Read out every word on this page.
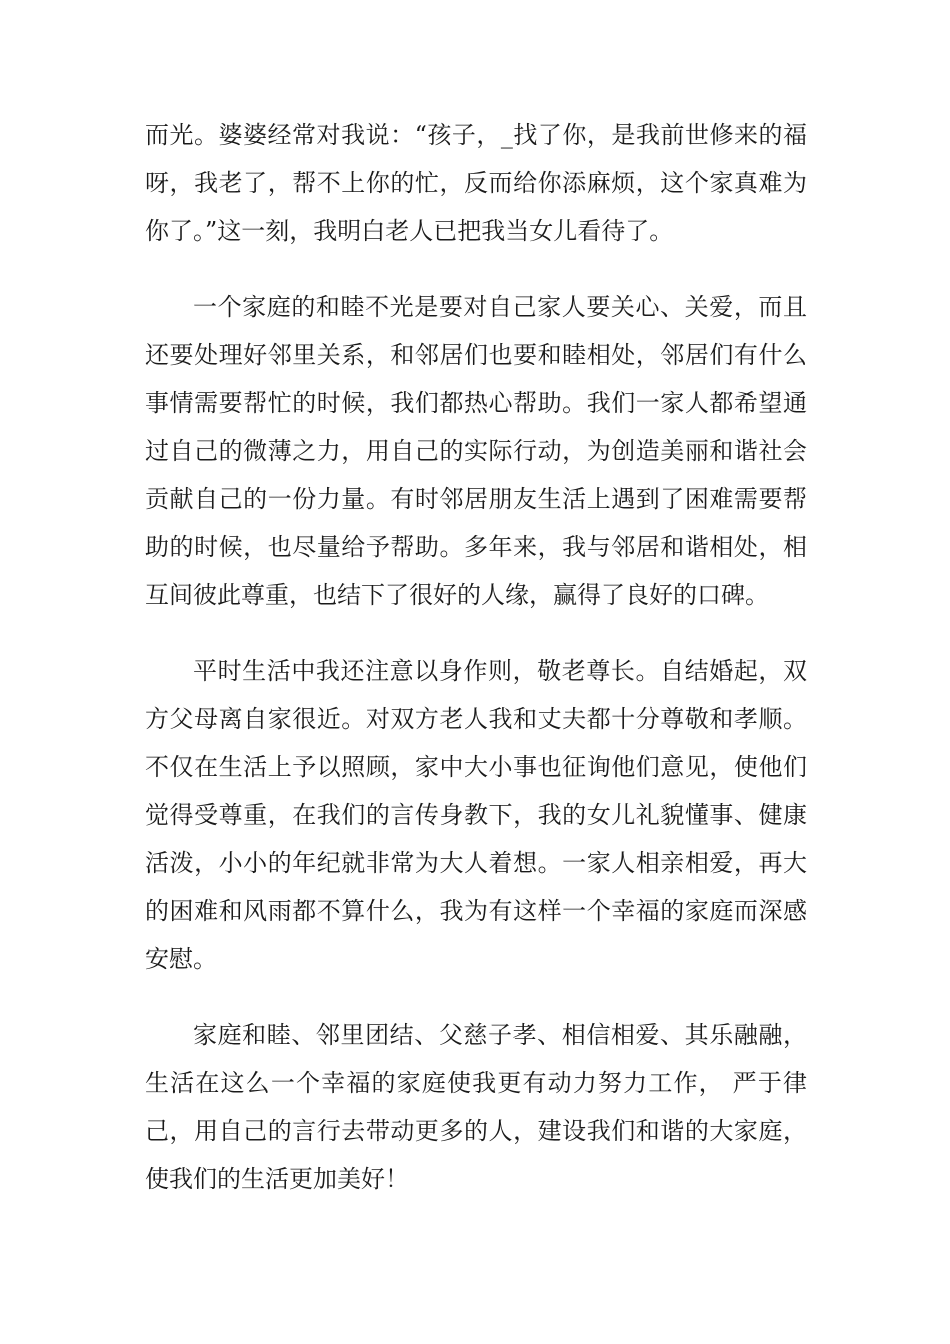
而光。婆婆经常对我说：“孩子，_找了你，是我前世修来的福呀，我老了，帮不上你的忙，反而给你添麻烦，这个家真难为你了。”这一刻，我明白老人已把我当女儿看待了。

一个家庭的和睦不光是要对自己家人要关心、关爱，而且还要处理好邻里关系，和邻居们也要和睦相处，邻居们有什么事情需要帮忙的时候，我们都热心帮助。我们一家人都希望通过自己的微薄之力，用自己的实际行动，为创造美丽和谐社会贡献自己的一份力量。有时邻居朋友生活上遇到了困难需要帮助的时候，也尽量给予帮助。多年来，我与邻居和谐相处，相互间彼此尊重，也结下了很好的人缘，赢得了良好的口碑。

平时生活中我还注意以身作则，敬老尊长。自结婚起，双方父母离自家很近。对双方老人我和丈夫都十分尊敬和孝顺。不仅在生活上予以照顾，家中大小事也征询他们意见，使他们觉得受尊重，在我们的言传身教下，我的女儿礼貌懂事、健康活泼，小小的年纪就非常为大人着想。一家人相亲相爱，再大的困难和风雨都不算什么，我为有这样一个幸福的家庭而深感安慰。

家庭和睦、邻里团结、父慈子孝、相信相爱、其乐融融，生活在这么一个幸福的家庭使我更有动力努力工作， 严于律己，用自己的言行去带动更多的人，建设我们和谐的大家庭，使我们的生活更加美好！
